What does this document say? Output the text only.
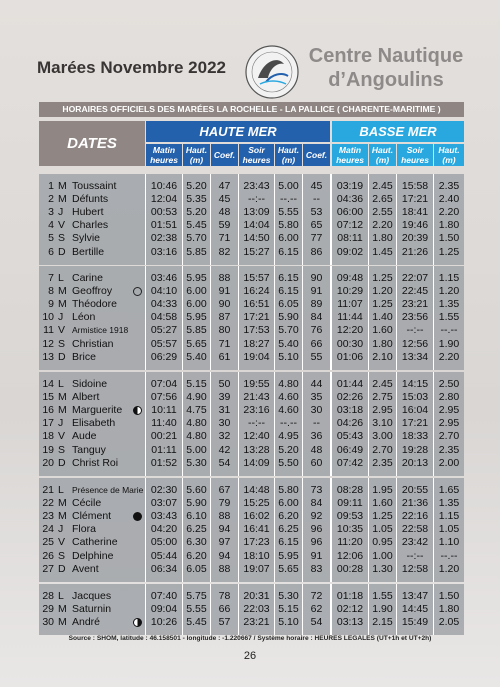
Marées Novembre 2022
Centre Nautique
d’Angoulins
HORAIRES OFFICIELS DES MARÉES LA ROCHELLE - LA PALLICE ( CHARENTE-MARITIME )
DATES
HAUTE MER	BASSE MER
Matin heures
Haut. (m)	Coef.	Soir heures
Haut. (m)	Coef.	Matin heures
Haut. (m)
Soir heures
Haut. (m)
1 M Toussaint	10:46 5.20	47	23:43 5.00	45	03:19 2.45 15:58	2.35
2 M Défunts	12:04 5.35	45	--:--	--.--	--	04:36 2.65 17:21	2.40
3 J Hubert	00:53 5.20	48	13:09 5.55	53	06:00 2.55 18:41	2.20
4 V Charles	01:51 5.45	59	14:04 5.80	65	07:12 2.20 19:46	1.80
5 S Sylvie	02:38 5.70	71	14:50 6.00	77	08:11 1.80 20:39	1.50
6 D Bertille	03:16 5.85	82	15:27 6.15	86	09:02 1.45 21:26	1.25
7 L Carine	03:46 5.95	88	15:57 6.15	90	09:48 1.25 22:07	1.15
8 M Geoffroy	04:10 6.00	91	16:24 6.15	91	10:29 1.20 22:45	1.20
9 M Théodore	04:33 6.00	90	16:51 6.05	89	11:07 1.25 23:21	1.35
10 J Léon	04:58 5.95	87	17:21 5.90	84	11:44 1.40 23:56	1.55
11 V Armistice 1918	05:27 5.85	80	17:53 5.70	76	12:20 1.60	--:--	--.--
12 S Christian	05:57 5.65	71	18:27 5.40	66	00:30 1.80 12:56	1.90
13 D Brice	06:29 5.40	61	19:04 5.10	55	01:06 2.10 13:34	2.20
14 L Sidoine	07:04 5.15	50	19:55 4.80	44	01:44 2.45 14:15	2.50
15 M Albert	07:56 4.90	39	21:43 4.60	35	02:26 2.75 15:03	2.80
16 M Marguerite	10:11 4.75	31	23:16 4.60	30	03:18 2.95 16:04	2.95
17 J Elisabeth	11:40 4.80	30	--:--	--.--	--	04:26 3.10 17:21	2.95
18 V Aude	00:21 4.80	32	12:40 4.95	36	05:43 3.00 18:33	2.70
19 S Tanguy	01:11 5.00	42	13:28 5.20	48	06:49 2.70 19:28	2.35
20 D Christ Roi	01:52 5.30	54	14:09 5.50	60	07:42 2.35 20:13	2.00
21 L Présence de Marie 02:30 5.60	67	14:48 5.80	73	08:28 1.95 20:55	1.65
22 M Cécile	03:07 5.90	79	15:25 6.00	84	09:11 1.60 21:36	1.35
23 M Clément	03:43 6.10	88	16:02 6.20	92	09:53 1.25 22:16	1.15
24 J Flora	04:20 6.25	94	16:41 6.25	96	10:35 1.05 22:58	1.05
25 V Catherine	05:00 6.30	97	17:23 6.15	96	11:20 0.95 23:42	1.10
26 S Delphine	05:44 6.20	94	18:10 5.95	91	12:06 1.00	--:--	--.--
27 D Avent	06:34 6.05	88	19:07 5.65	83	00:28 1.30 12:58	1.20
28 L Jacques	07:40 5.75	78	20:31 5.30	72	01:18 1.55 13:47	1.50
29 M Saturnin	09:04 5.55	66	22:03 5.15	62	02:12 1.90 14:45	1.80
30 M André	10:26 5.45	57	23:21 5.10	54	03:13 2.15 15:49	2.05
Source : SHOM, latitude : 46.158501 - longitude : -1.220667 / Système horaire : HEURES LEGALES (UT+1h et UT+2h)
26
